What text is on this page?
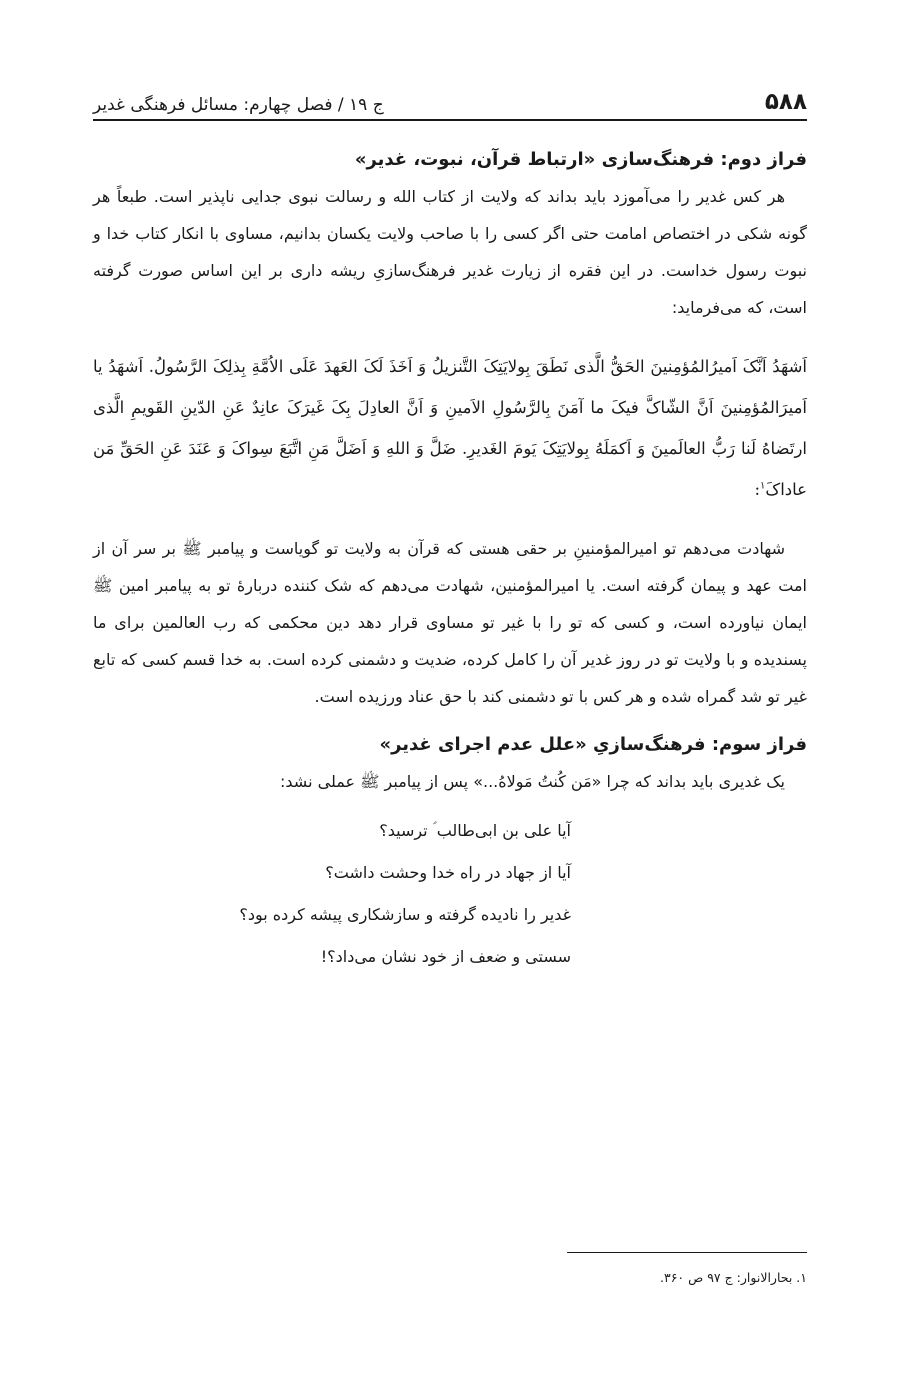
۵۸۸
ج ۱۹ / فصل چهارم: مسائل فرهنگی غدیر
فراز دوم: فرهنگ‌سازی «ارتباط قرآن، نبوت، غدیر»

هر کس غدیر را می‌آموزد باید بداند که ولایت از کتاب الله و رسالت نبوی جدایی ناپذیر است. طبعاً هر گونه شکی در اختصاص امامت حتی اگر کسی را با صاحب ولایت یکسان بدانیم، مساوی با انکار کتاب خدا و نبوت رسول خداست. در این فقره از زیارت غدیر فرهنگ‌سازیِ ریشه داری بر این اساس صورت گرفته است، که می‌فرماید:

اَشهَدُ اَنَّکَ اَمیرُالمُؤمِنینَ الحَقُّ الَّذی نَطَقَ بِولایَتِکَ التَّنزیلُ وَ اَخَذَ لَکَ العَهدَ عَلَی الاُمَّةِ بِذلِکَ الرَّسُولُ. اَشهَدُ یا اَمیرَالمُؤمِنینَ اَنَّ الشّاکَّ فیکَ ما آمَنَ بِالرَّسُولِ الاَمینِ وَ اَنَّ العادِلَ بِکَ غَیرَکَ عانِدٌ عَنِ الدّینِ القَویمِ الَّذی ارتَضاهُ لَنا رَبُّ العالَمینَ وَ اَکمَلَهُ بِولایَتِکَ یَومَ الغَدیرِ. ضَلَّ وَ اللهِ وَ اَضَلَّ مَنِ اتَّبَعَ سِواکَ وَ عَنَدَ عَنِ الحَقِّ مَن عاداکَ$^۱$:

شهادت می‌دهم تو امیرالمؤمنینِ بر حقی هستی که قرآن به ولایت تو گویاست و پیامبر ﷺ بر سر آن از امت عهد و پیمان گرفته است. یا امیرالمؤمنین، شهادت می‌دهم که شک کننده دربارهٔ تو به پیامبر امین ﷺ ایمان نیاورده است، و کسی که تو را با غیر تو مساوی قرار دهد دین محکمی که رب العالمین برای ما پسندیده و با ولایت تو در روز غدیر آن را کامل کرده، ضدیت و دشمنی کرده است. به خدا قسم کسی که تابع غیر تو شد گمراه شده و هر کس با تو دشمنی کند با حق عناد ورزیده است.

فراز سوم: فرهنگ‌سازیِ «علل عدم اجرای غدیر»

یک غدیری باید بداند که چرا «مَن کُنتُ مَولاهُ...» پس از پیامبر ﷺ عملی نشد:

آیا علی بن ابی‌طالب ؑ ترسید؟
آیا از جهاد در راه خدا وحشت داشت؟
غدیر را نادیده گرفته و سازشکاری پیشه کرده بود؟
سستی و ضعف از خود نشان می‌داد؟!
۱. بحارالانوار: ج ۹۷ ص ۳۶۰.
